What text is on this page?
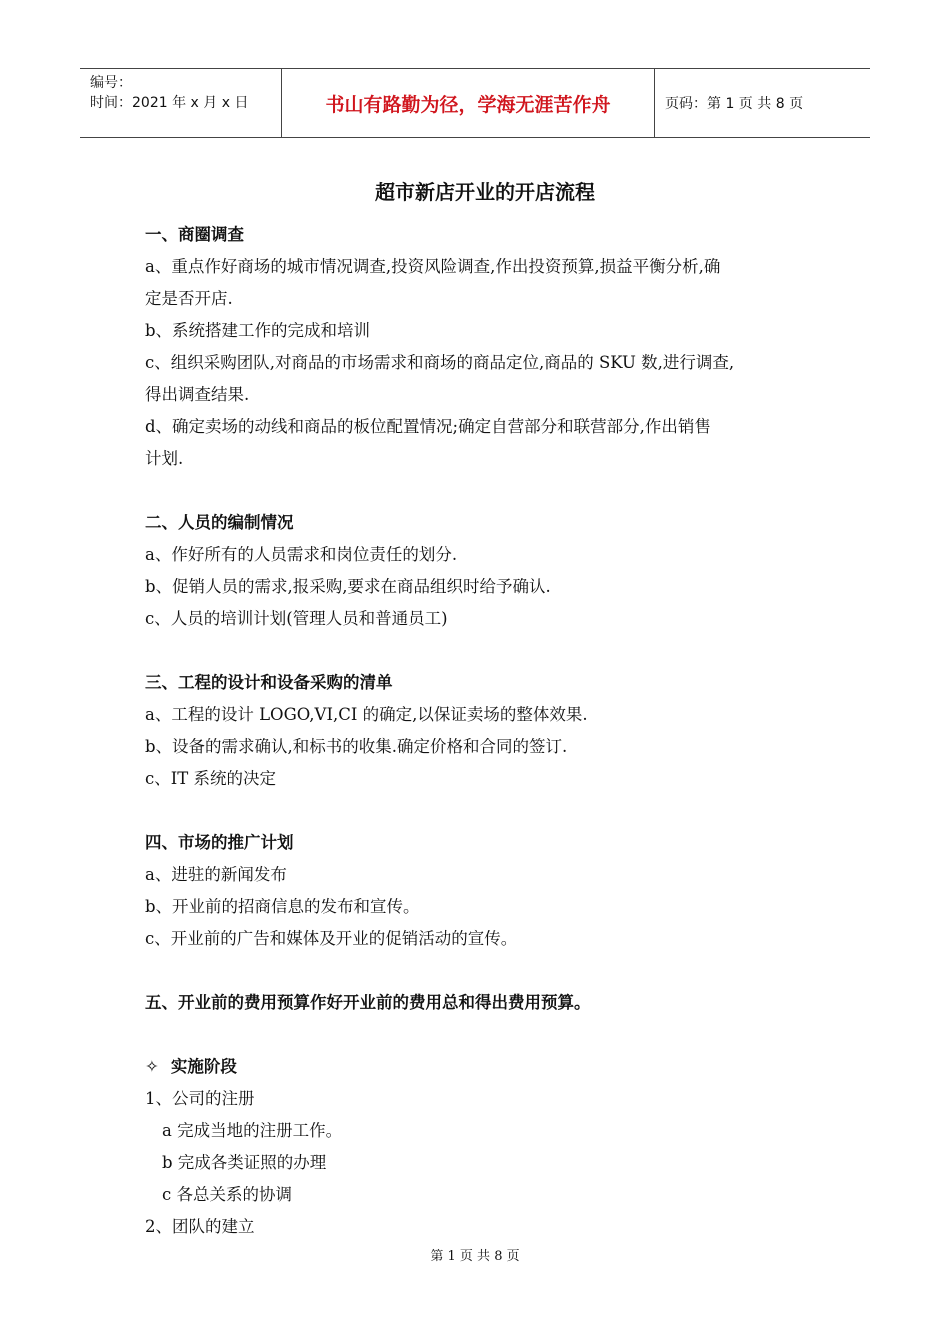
编号：
时间：2021 年 x 月 x 日	书山有路勤为径，学海无涯苦作舟	页码：第 1 页 共 8 页
超市新店开业的开店流程
一、商圈调查
a、重点作好商场的城市情况调查,投资风险调查,作出投资预算,损益平衡分析,确
定是否开店.
b、系统搭建工作的完成和培训
c、组织采购团队,对商品的市场需求和商场的商品定位,商品的 SKU 数,进行调查,
得出调查结果.
d、确定卖场的动线和商品的板位配置情况;确定自营部分和联营部分,作出销售
计划.
二、人员的编制情况
a、作好所有的人员需求和岗位责任的划分.
b、促销人员的需求,报采购,要求在商品组织时给予确认.
c、人员的培训计划(管理人员和普通员工)
三、工程的设计和设备采购的清单
a、工程的设计 LOGO,VI,CI 的确定,以保证卖场的整体效果.
b、设备的需求确认,和标书的收集.确定价格和合同的签订.
c、IT 系统的决定
四、市场的推广计划
a、进驻的新闻发布
b、开业前的招商信息的发布和宣传。
c、开业前的广告和媒体及开业的促销活动的宣传。
五、开业前的费用预算作好开业前的费用总和得出费用预算。
✧ 实施阶段
1、公司的注册
a 完成当地的注册工作。
b 完成各类证照的办理
c 各总关系的协调
2、团队的建立
第 1 页 共 8 页
